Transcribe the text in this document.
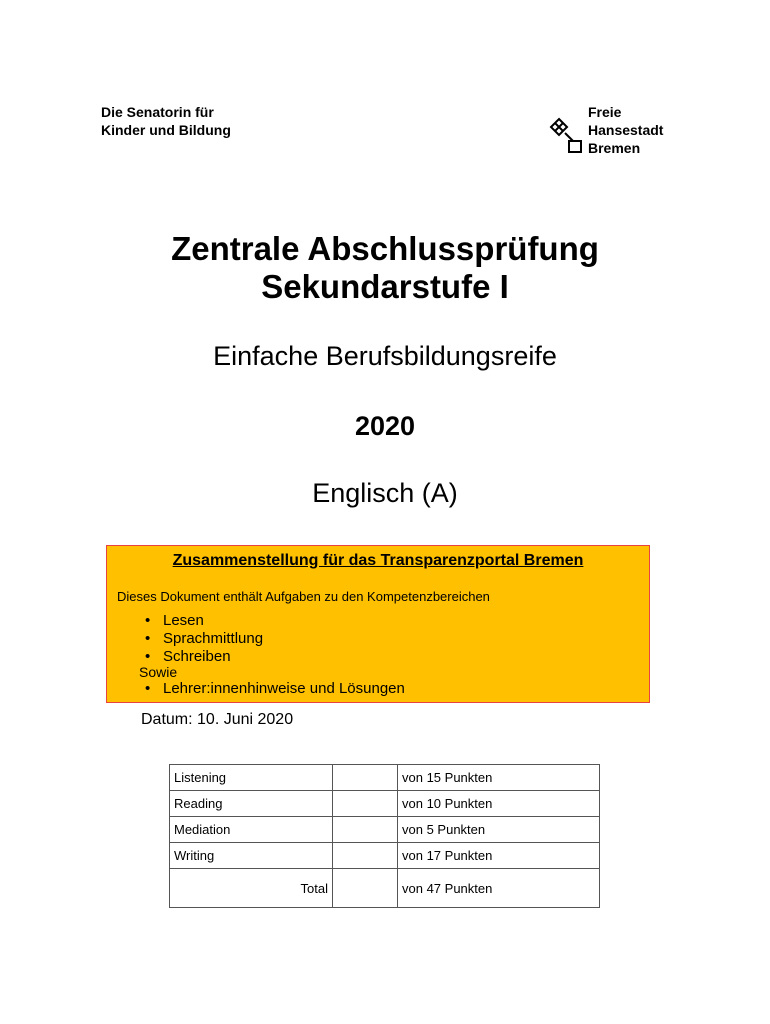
Die Senatorin für
Kinder und Bildung
Freie
Hansestadt
Bremen
Zentrale Abschlussprüfung
Sekundarstufe I
Einfache Berufsbildungsreife
2020
Englisch (A)
Zusammenstellung für das Transparenzportal Bremen
Dieses Dokument enthält Aufgaben zu den Kompetenzbereichen
• Lesen
• Sprachmittlung
• Schreiben
Sowie
• Lehrer:innenhinweise und Lösungen
Datum: 10. Juni 2020
Listening		von 15 Punkten
Reading		von 10 Punkten
Mediation		von 5 Punkten
Writing		von 17 Punkten
Total		von 47 Punkten
